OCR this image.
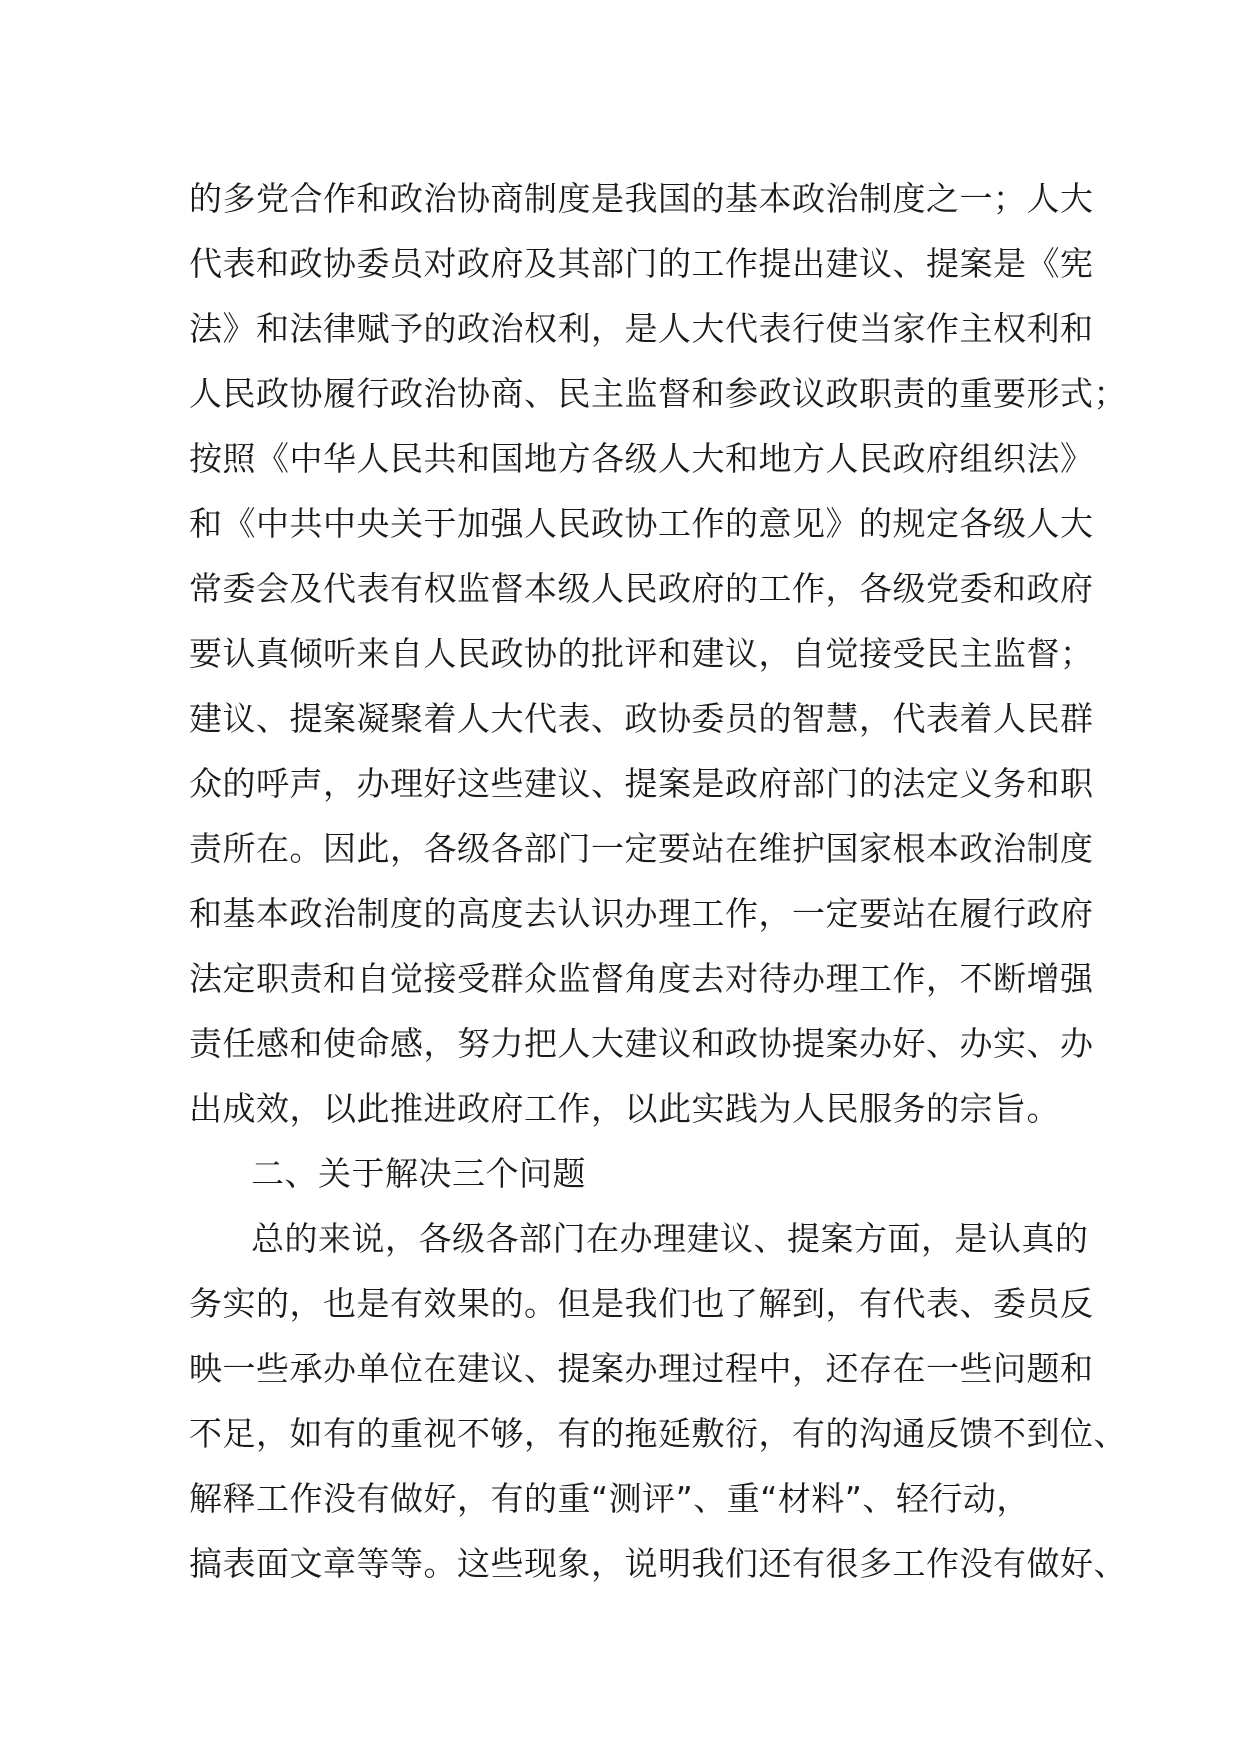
的多党合作和政治协商制度是我国的基本政治制度之一；人大
代表和政协委员对政府及其部门的工作提出建议、提案是《宪
法》和法律赋予的政治权利，是人大代表行使当家作主权利和
人民政协履行政治协商、民主监督和参政议政职责的重要形式；
按照《中华人民共和国地方各级人大和地方人民政府组织法》
和《中共中央关于加强人民政协工作的意见》的规定各级人大
常委会及代表有权监督本级人民政府的工作，各级党委和政府
要认真倾听来自人民政协的批评和建议，自觉接受民主监督；
建议、提案凝聚着人大代表、政协委员的智慧，代表着人民群
众的呼声，办理好这些建议、提案是政府部门的法定义务和职
责所在。因此，各级各部门一定要站在维护国家根本政治制度
和基本政治制度的高度去认识办理工作，一定要站在履行政府
法定职责和自觉接受群众监督角度去对待办理工作，不断增强
责任感和使命感，努力把人大建议和政协提案办好、办实、办
出成效，以此推进政府工作，以此实践为人民服务的宗旨。
二、关于解决三个问题
总的来说，各级各部门在办理建议、提案方面，是认真的
务实的，也是有效果的。但是我们也了解到，有代表、委员反
映一些承办单位在建议、提案办理过程中，还存在一些问题和
不足，如有的重视不够，有的拖延敷衍，有的沟通反馈不到位、
解释工作没有做好，有的重“测评”、重“材料”、轻行动，
搞表面文章等等。这些现象，说明我们还有很多工作没有做好、
